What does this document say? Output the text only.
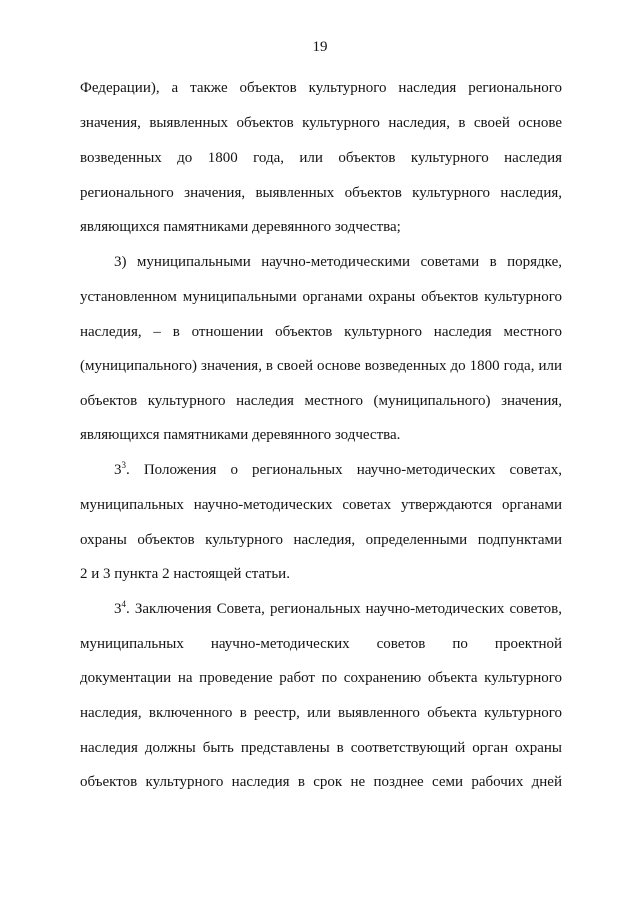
19
Федерации), а также объектов культурного наследия регионального
значения, выявленных объектов культурного наследия, в своей основе
возведенных до 1800 года, или объектов культурного наследия
регионального значения, выявленных объектов культурного наследия,
являющихся памятниками деревянного зодчества;
3) муниципальными научно-методическими советами в порядке,
установленном муниципальными органами охраны объектов культурного
наследия, – в отношении объектов культурного наследия местного
(муниципального) значения, в своей основе возведенных до 1800 года, или
объектов культурного наследия местного (муниципального) значения,
являющихся памятниками деревянного зодчества.
$3^3$. Положения о региональных научно-методических советах,
муниципальных научно-методических советах утверждаются органами
охраны объектов культурного наследия, определенными подпунктами
2 и 3 пункта 2 настоящей статьи.
$3^4$. Заключения Совета, региональных научно-методических советов,
муниципальных научно-методических советов по проектной
документации на проведение работ по сохранению объекта культурного
наследия, включенного в реестр, или выявленного объекта культурного
наследия должны быть представлены в соответствующий орган охраны
объектов культурного наследия в срок не позднее семи рабочих дней
